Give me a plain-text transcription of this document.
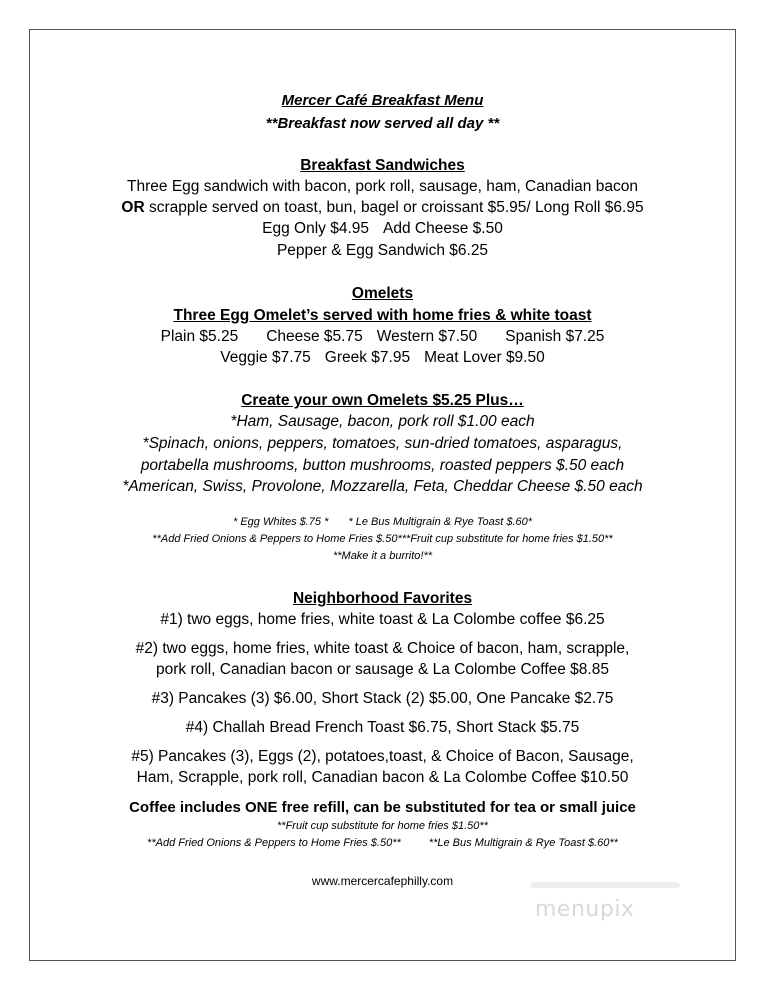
Mercer Café Breakfast Menu
**Breakfast now served all day **
Breakfast Sandwiches
Three Egg sandwich with bacon, pork roll, sausage, ham, Canadian bacon
OR scrapple served on toast, bun, bagel or croissant $5.95/ Long Roll $6.95
Egg Only $4.95 Add Cheese $.50
Pepper & Egg Sandwich $6.25
Omelets
Three Egg Omelet’s served with home fries & white toast
Plain $5.25 Cheese $5.75 Western $7.50 Spanish $7.25
Veggie $7.75 Greek $7.95 Meat Lover $9.50
Create your own Omelets $5.25 Plus…
*Ham, Sausage, bacon, pork roll $1.00 each
*Spinach, onions, peppers, tomatoes, sun-dried tomatoes, asparagus,
portabella mushrooms, button mushrooms, roasted peppers $.50 each
*American, Swiss, Provolone, Mozzarella, Feta, Cheddar Cheese $.50 each
* Egg Whites $.75 * * Le Bus Multigrain & Rye Toast $.60*
**Add Fried Onions & Peppers to Home Fries $.50***Fruit cup substitute for home fries $1.50**
**Make it a burrito!**
Neighborhood Favorites
#1) two eggs, home fries, white toast & La Colombe coffee $6.25
#2) two eggs, home fries, white toast & Choice of bacon, ham, scrapple,
pork roll, Canadian bacon or sausage & La Colombe Coffee $8.85
#3) Pancakes (3) $6.00, Short Stack (2) $5.00, One Pancake $2.75
#4) Challah Bread French Toast $6.75, Short Stack $5.75
#5) Pancakes (3), Eggs (2), potatoes,toast, & Choice of Bacon, Sausage,
Ham, Scrapple, pork roll, Canadian bacon & La Colombe Coffee $10.50
Coffee includes ONE free refill, can be substituted for tea or small juice
**Fruit cup substitute for home fries $1.50**
**Add Fried Onions & Peppers to Home Fries $.50**	**Le Bus Multigrain & Rye Toast $.60**
www.mercercafephilly.com
menupix
